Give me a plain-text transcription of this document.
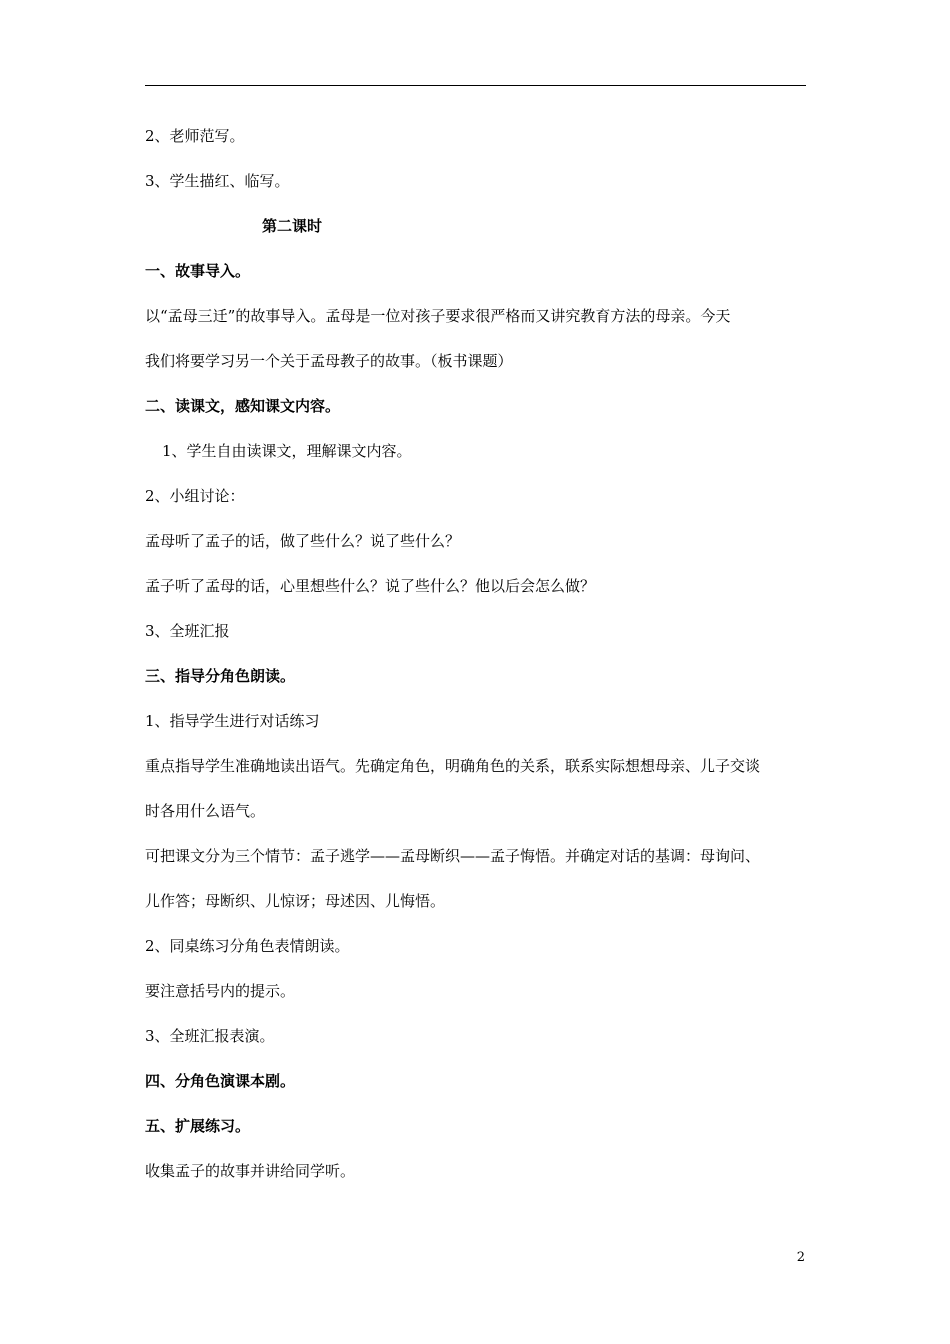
2、老师范写。
3、学生描红、临写。
第二课时
一、故事导入。
以“孟母三迁”的故事导入。孟母是一位对孩子要求很严格而又讲究教育方法的母亲。今天
我们将要学习另一个关于孟母教子的故事。（板书课题）
二、读课文，感知课文内容。
1、学生自由读课文，理解课文内容。
2、小组讨论：
孟母听了孟子的话，做了些什么？说了些什么？
孟子听了孟母的话，心里想些什么？说了些什么？他以后会怎么做？
3、全班汇报
三、指导分角色朗读。
1、指导学生进行对话练习
重点指导学生准确地读出语气。先确定角色，明确角色的关系，联系实际想想母亲、儿子交谈
时各用什么语气。
可把课文分为三个情节：孟子逃学——孟母断织——孟子悔悟。并确定对话的基调：母询问、
儿作答；母断织、儿惊讶；母述因、儿悔悟。
2、同桌练习分角色表情朗读。
要注意括号内的提示。
3、全班汇报表演。
四、分角色演课本剧。
五、扩展练习。
收集孟子的故事并讲给同学听。
2
